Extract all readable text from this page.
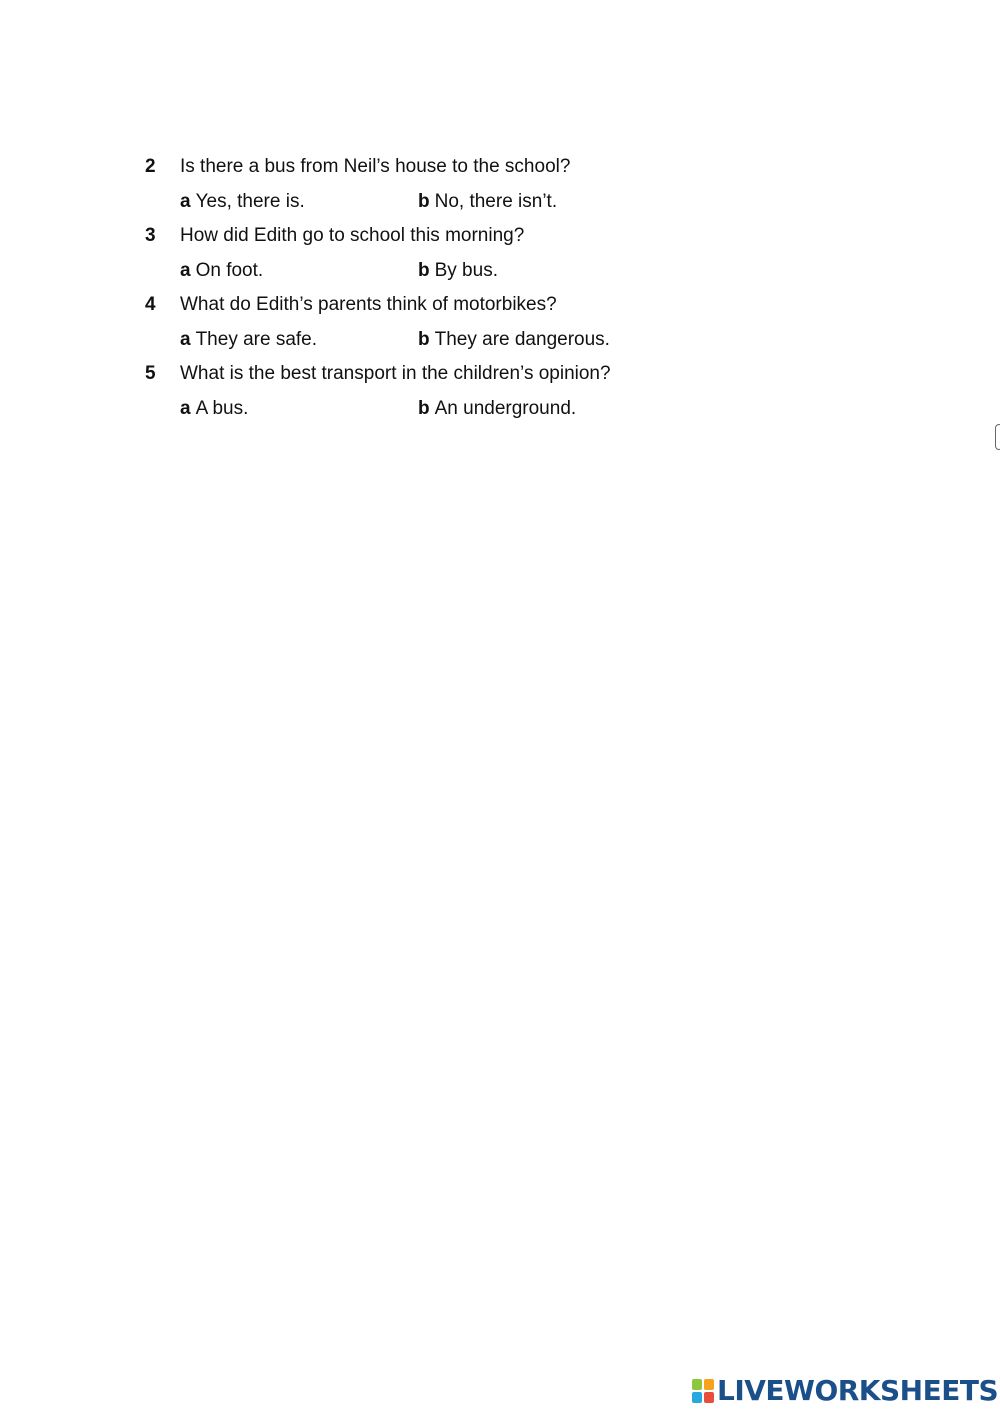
2 Is there a bus from Neil’s house to the school?
a Yes, there is.	b No, there isn’t.
3 How did Edith go to school this morning?
a On foot.	b By bus.
4 What do Edith’s parents think of motorbikes?
a They are safe.	b They are dangerous.
5 What is the best transport in the children’s opinion?
a A bus.	b An underground.
LIVEWORKSHEETS
